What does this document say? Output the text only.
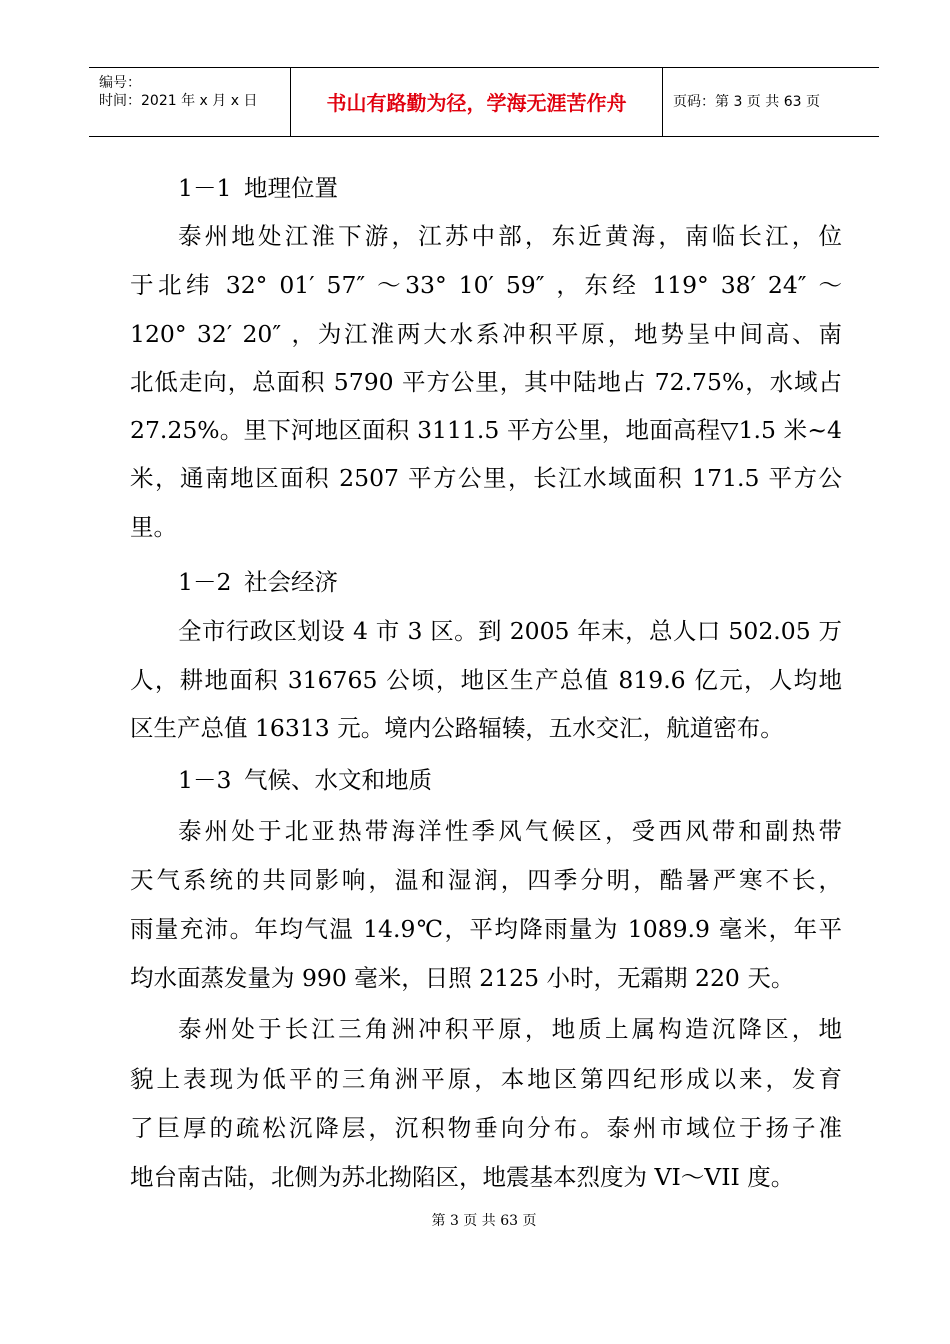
编号：
时间：2021 年 x 月 x 日	书山有路勤为径，学海无涯苦作舟	页码：第 3 页 共 63 页
1－1 地理位置
泰州地处江淮下游，江苏中部，东近黄海，南临长江，位
于北纬 32° 01′ 57″ ～33° 10′ 59″ ，东经 119° 38′ 24″ ～
120° 32′ 20″ ，为江淮两大水系冲积平原，地势呈中间高、南
北低走向，总面积 5790 平方公里，其中陆地占 72.75%，水域占
27.25%。里下河地区面积 3111.5 平方公里，地面高程▽1.5 米~4
米，通南地区面积 2507 平方公里，长江水域面积 171.5 平方公
里。
1－2 社会经济
全市行政区划设 4 市 3 区。到 2005 年末，总人口 502.05 万
人，耕地面积 316765 公顷，地区生产总值 819.6 亿元，人均地
区生产总值 16313 元。境内公路辐辏，五水交汇，航道密布。
1－3 气候、水文和地质
泰州处于北亚热带海洋性季风气候区，受西风带和副热带
天气系统的共同影响，温和湿润，四季分明，酷暑严寒不长，
雨量充沛。年均气温 14.9℃，平均降雨量为 1089.9 毫米，年平
均水面蒸发量为 990 毫米，日照 2125 小时，无霜期 220 天。
泰州处于长江三角洲冲积平原，地质上属构造沉降区，地
貌上表现为低平的三角洲平原，本地区第四纪形成以来，发育
了巨厚的疏松沉降层，沉积物垂向分布。泰州市域位于扬子准
地台南古陆，北侧为苏北拗陷区，地震基本烈度为 VI～VII 度。
第 3 页 共 63 页
